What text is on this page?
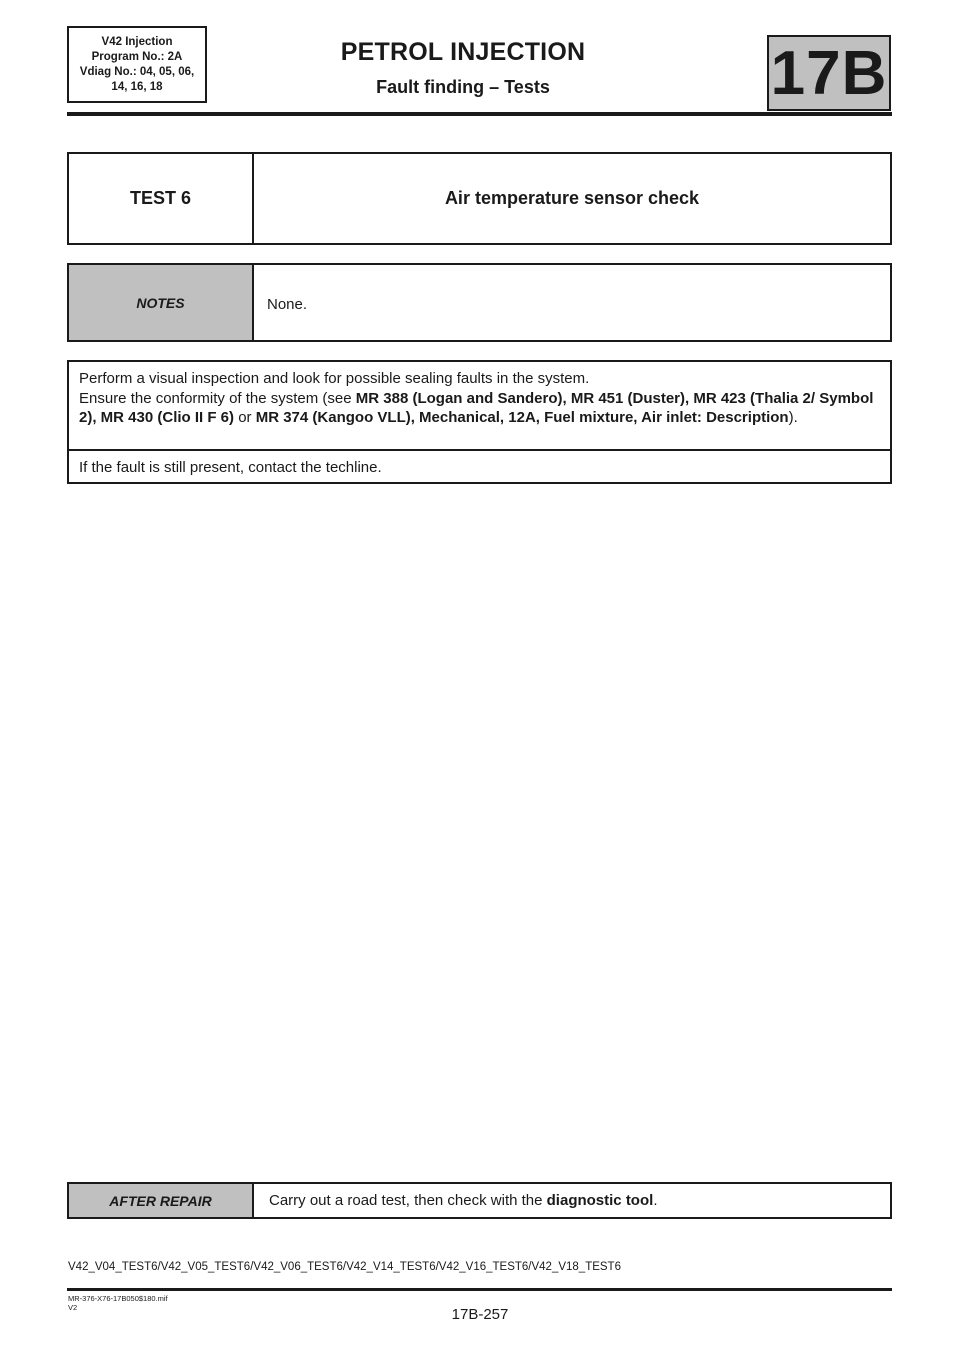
V42 Injection
Program No.: 2A
Vdiag No.: 04, 05, 06,
14, 16, 18
PETROL INJECTION
Fault finding – Tests	17B
TEST 6	Air temperature sensor check
NOTES	None.
Perform a visual inspection and look for possible sealing faults in the system.
Ensure the conformity of the system (see MR 388 (Logan and Sandero), MR 451 (Duster), MR 423 (Thalia 2/ Symbol 2), MR 430 (Clio II F 6) or MR 374 (Kangoo VLL), Mechanical, 12A, Fuel mixture, Air inlet: Description).
If the fault is still present, contact the techline.
AFTER REPAIR	Carry out a road test, then check with the diagnostic tool.
V42_V04_TEST6/V42_V05_TEST6/V42_V06_TEST6/V42_V14_TEST6/V42_V16_TEST6/V42_V18_TEST6
MR-376-X76-17B050$180.mif
V2	17B-257
